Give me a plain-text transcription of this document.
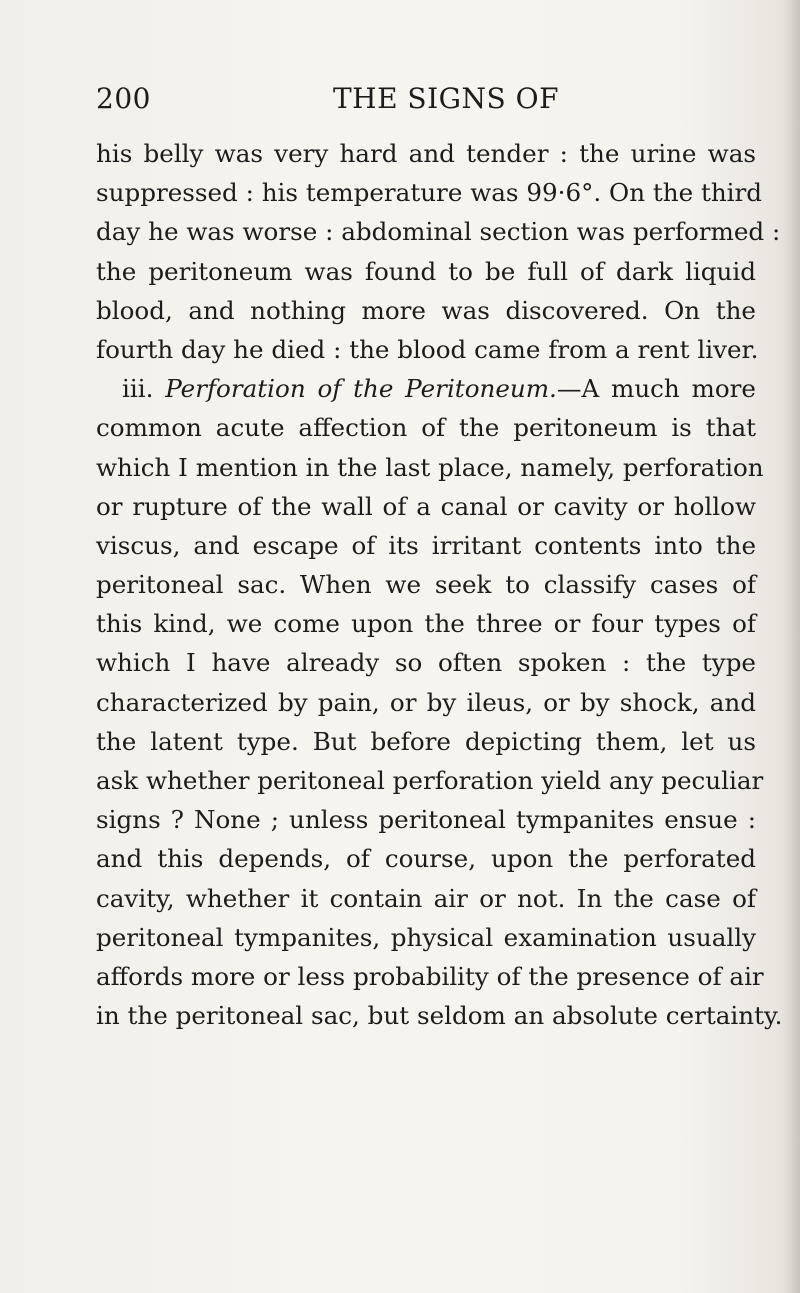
200	THE SIGNS OF
his belly was very hard and tender : the urine was
suppressed : his temperature was 99·6°. On the third
day he was worse : abdominal section was performed :
the peritoneum was found to be full of dark liquid
blood, and nothing more was discovered. On the
fourth day he died : the blood came from a rent liver.
iii. Perforation of the Peritoneum.—A much more
common acute affection of the peritoneum is that
which I mention in the last place, namely, perforation
or rupture of the wall of a canal or cavity or hollow
viscus, and escape of its irritant contents into the
peritoneal sac. When we seek to classify cases of
this kind, we come upon the three or four types of
which I have already so often spoken : the type
characterized by pain, or by ileus, or by shock, and
the latent type. But before depicting them, let us
ask whether peritoneal perforation yield any peculiar
signs ? None ; unless peritoneal tympanites ensue :
and this depends, of course, upon the perforated
cavity, whether it contain air or not. In the case of
peritoneal tympanites, physical examination usually
affords more or less probability of the presence of air
in the peritoneal sac, but seldom an absolute certainty.
